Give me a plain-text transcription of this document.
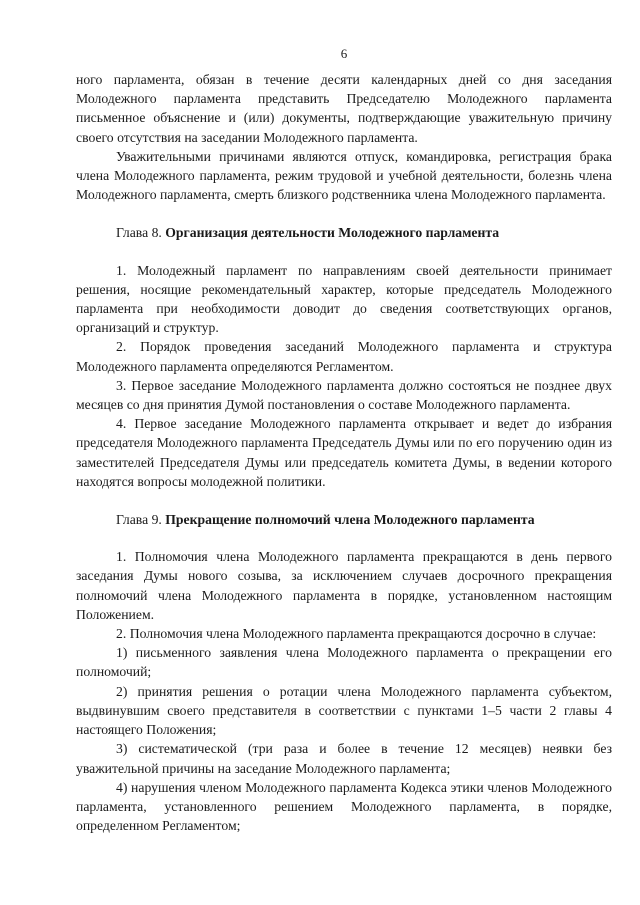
6

ного парламента, обязан в течение десяти календарных дней со дня заседания Молодежного парламента представить Председателю Молодежного парламента письменное объяснение и (или) документы, подтверждающие уважительную причину своего отсутствия на заседании Молодежного парламента.

Уважительными причинами являются отпуск, командировка, регистрация брака члена Молодежного парламента, режим трудовой и учебной деятельности, болезнь члена Молодежного парламента, смерть близкого родственника члена Молодежного парламента.

Глава 8. Организация деятельности Молодежного парламента

1. Молодежный парламент по направлениям своей деятельности принимает решения, носящие рекомендательный характер, которые председатель Молодежного парламента при необходимости доводит до сведения соответствующих органов, организаций и структур.

2. Порядок проведения заседаний Молодежного парламента и структура Молодежного парламента определяются Регламентом.

3. Первое заседание Молодежного парламента должно состояться не позднее двух месяцев со дня принятия Думой постановления о составе Молодежного парламента.

4. Первое заседание Молодежного парламента открывает и ведет до избрания председателя Молодежного парламента Председатель Думы или по его поручению один из заместителей Председателя Думы или председатель комитета Думы, в ведении которого находятся вопросы молодежной политики.

Глава 9. Прекращение полномочий члена Молодежного парламента

1. Полномочия члена Молодежного парламента прекращаются в день первого заседания Думы нового созыва, за исключением случаев досрочного прекращения полномочий члена Молодежного парламента в порядке, установленном настоящим Положением.

2. Полномочия члена Молодежного парламента прекращаются досрочно в случае:

1) письменного заявления члена Молодежного парламента о прекращении его полномочий;

2) принятия решения о ротации члена Молодежного парламента субъектом, выдвинувшим своего представителя в соответствии с пунктами 1–5 части 2 главы 4 настоящего Положения;

3) систематической (три раза и более в течение 12 месяцев) неявки без уважительной причины на заседание Молодежного парламента;

4) нарушения членом Молодежного парламента Кодекса этики членов Молодежного парламента, установленного решением Молодежного парламента, в порядке, определенном Регламентом;
